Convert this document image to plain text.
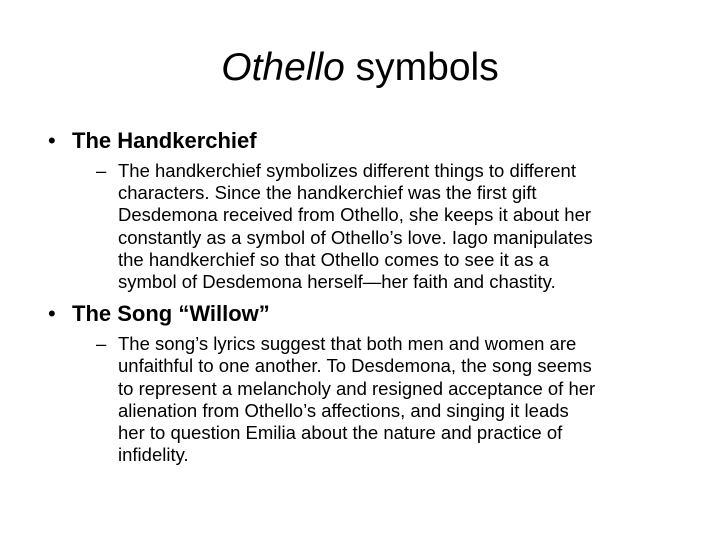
Othello symbols
• The Handkerchief
– The handkerchief symbolizes different things to different
characters. Since the handkerchief was the first gift
Desdemona received from Othello, she keeps it about her
constantly as a symbol of Othello’s love. Iago manipulates
the handkerchief so that Othello comes to see it as a
symbol of Desdemona herself—her faith and chastity.
• The Song “Willow”
– The song’s lyrics suggest that both men and women are
unfaithful to one another. To Desdemona, the song seems
to represent a melancholy and resigned acceptance of her
alienation from Othello’s affections, and singing it leads
her to question Emilia about the nature and practice of
infidelity.
